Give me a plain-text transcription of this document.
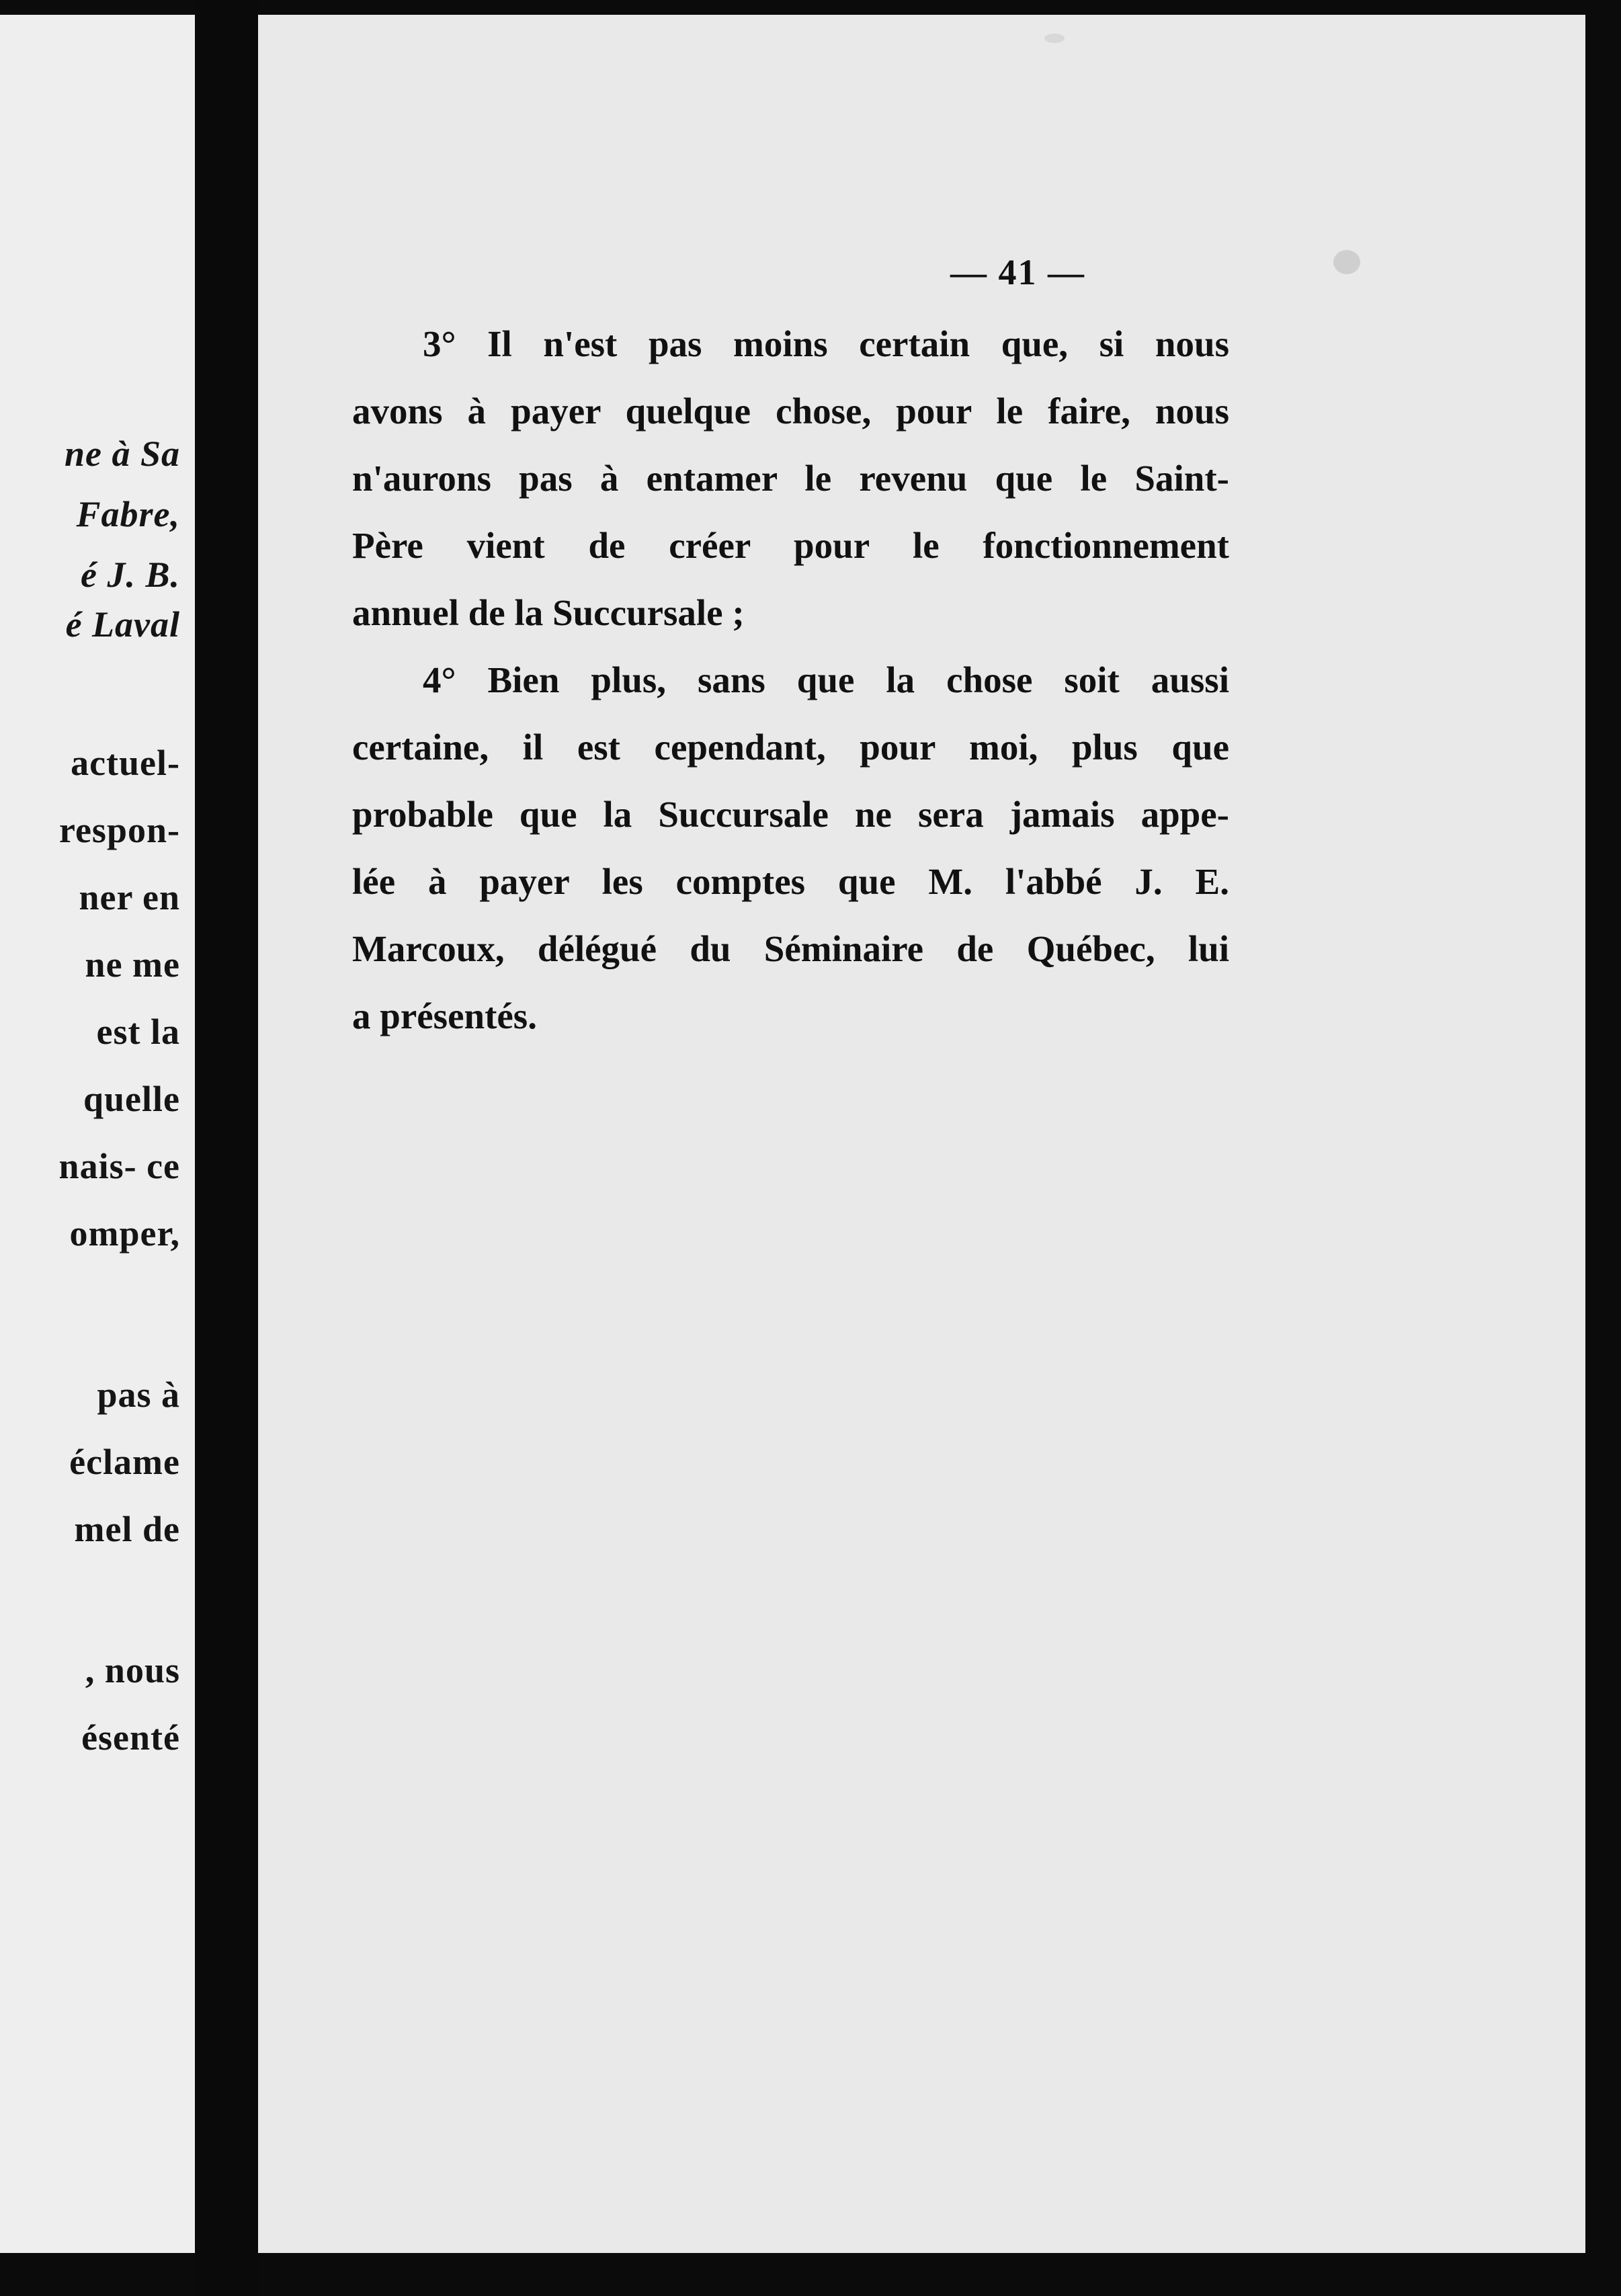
ne à Sa
Fabre,
é J. B.
é Laval
actuel-
respon-
ner en
ne me
est la
quelle
nais- ce
omper,
pas à
éclame
mel de
, nous
ésenté
— 41 —
3° Il n'est pas moins certain que, si nous
avons à payer quelque chose, pour le faire, nous
n'aurons pas à entamer le revenu que le Saint-
Père vient de créer pour le fonctionnement
annuel de la Succursale ;
4° Bien plus, sans que la chose soit aussi
certaine, il est cependant, pour moi, plus que
probable que la Succursale ne sera jamais appe-
lée à payer les comptes que M. l'abbé J. E.
Marcoux, délégué du Séminaire de Québec, lui
a présentés.
